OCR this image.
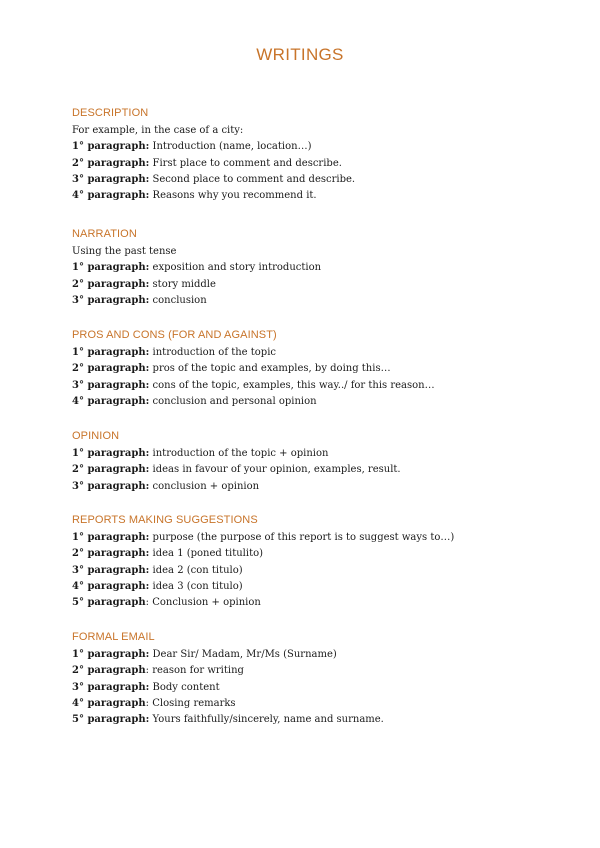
WRITINGS
DESCRIPTION
For example, in the case of a city:
1° paragraph: Introduction (name, location…)
2° paragraph: First place to comment and describe.
3° paragraph: Second place to comment and describe.
4° paragraph: Reasons why you recommend it.
NARRATION
Using the past tense
1° paragraph: exposition and story introduction
2° paragraph: story middle
3° paragraph: conclusion
PROS AND CONS (FOR AND AGAINST)
1° paragraph: introduction of the topic
2° paragraph: pros of the topic and examples, by doing this…
3° paragraph: cons of the topic, examples, this way../ for this reason…
4° paragraph: conclusion and personal opinion
OPINION
1° paragraph: introduction of the topic + opinion
2° paragraph: ideas in favour of your opinion, examples, result.
3° paragraph: conclusion + opinion
REPORTS MAKING SUGGESTIONS
1° paragraph: purpose (the purpose of this report is to suggest ways to…)
2° paragraph: idea 1 (poned titulito)
3° paragraph: idea 2 (con titulo)
4° paragraph: idea 3 (con titulo)
5° paragraph: Conclusion + opinion
FORMAL EMAIL
1° paragraph: Dear Sir/ Madam, Mr/Ms (Surname)
2° paragraph: reason for writing
3° paragraph: Body content
4° paragraph: Closing remarks
5° paragraph: Yours faithfully/sincerely, name and surname.
